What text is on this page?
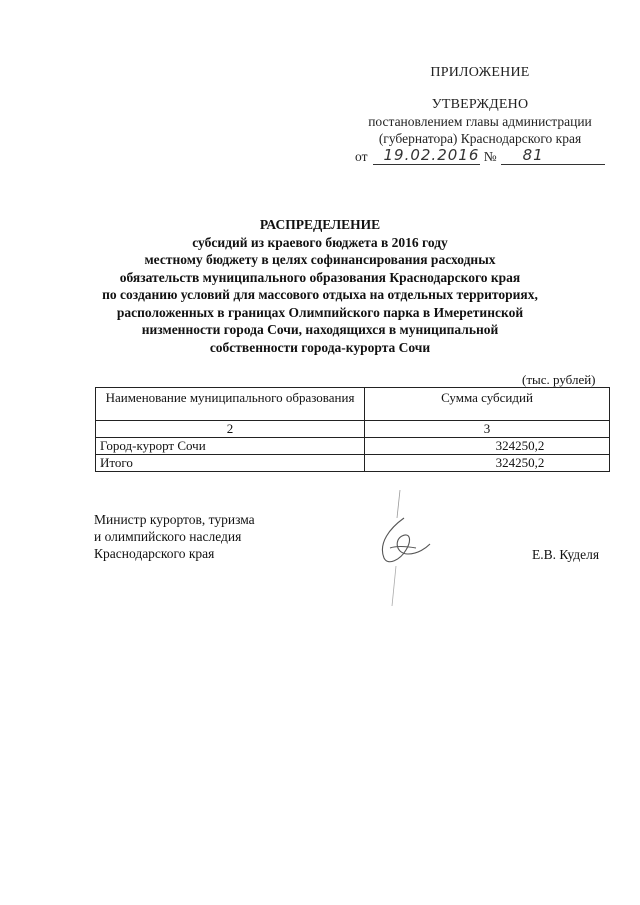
ПРИЛОЖЕНИЕ
УТВЕРЖДЕНО
постановлением главы администрации
(губернатора) Краснодарского края
от 19.02.2016 № 81
РАСПРЕДЕЛЕНИЕ
субсидий из краевого бюджета в 2016 году
местному бюджету в целях софинансирования расходных
обязательств муниципального образования Краснодарского края
по созданию условий для массового отдыха на отдельных территориях,
расположенных в границах Олимпийского парка в Имеретинской
низменности города Сочи, находящихся в муниципальной
собственности города-курорта Сочи
(тыс. рублей)
Наименование муниципального образования	Сумма субсидий
2	3
Город-курорт Сочи	324250,2
Итого	324250,2
Министр курортов, туризма
и олимпийского наследия
Краснодарского края	Е.В. Куделя
